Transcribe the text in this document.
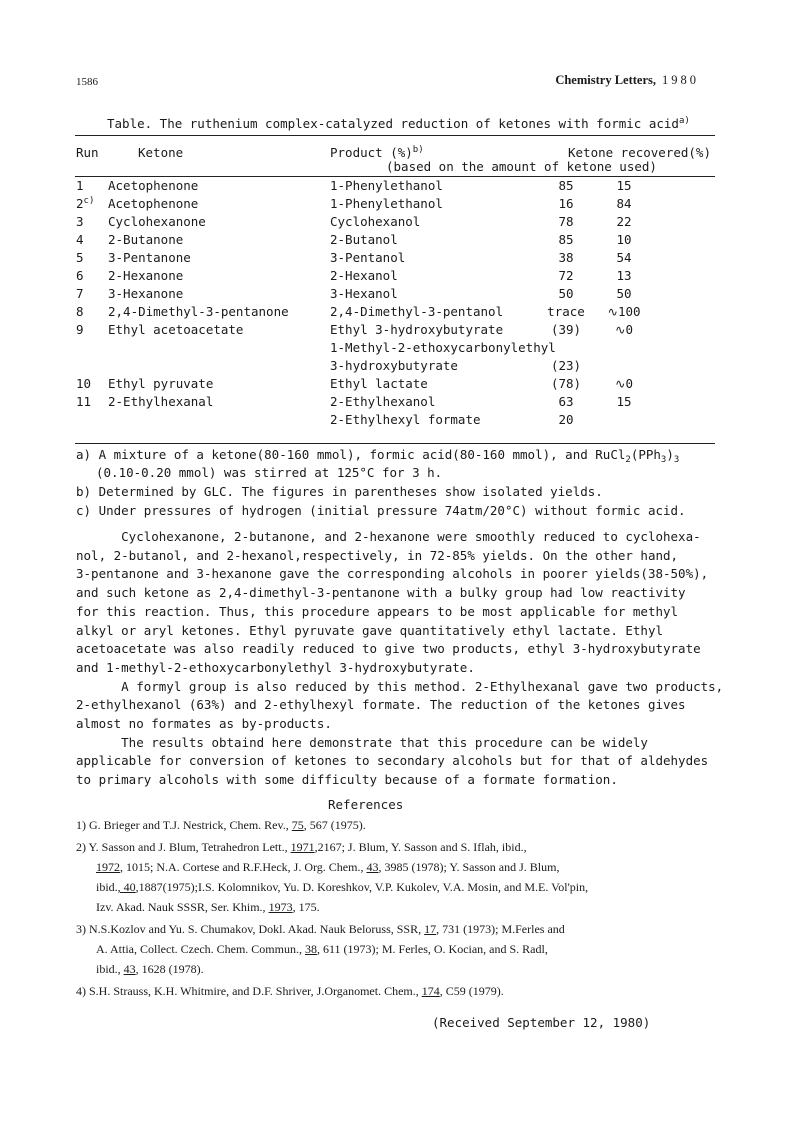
1586	Chemistry Letters, 1980
Table. The ruthenium complex-catalyzed reduction of ketones with formic acid$^{a)}$
Run	Ketone	Product (%)$^{b)}$	Ketone recovered(%)
(based on the amount of ketone used)
1 Acetophenone	1-Phenylethanol	85	15
2$^{c)}$ Acetophenone	1-Phenylethanol	16	84
3 Cyclohexanone	Cyclohexanol	78	22
4 2-Butanone	2-Butanol	85	10
5 3-Pentanone	3-Pentanol	38	54
6 2-Hexanone	2-Hexanol	72	13
7 3-Hexanone	3-Hexanol	50	50
8 2,4-Dimethyl-3-pentanone	2,4-Dimethyl-3-pentanol	trace ∿100
9 Ethyl acetoacetate	Ethyl 3-hydroxybutyrate	(39)	∿0
1-Methyl-2-ethoxycarbonylethyl
3-hydroxybutyrate	(23)
10 Ethyl pyruvate	Ethyl lactate	(78)	∿0
11 2-Ethylhexanal	2-Ethylhexanol	63	15
2-Ethylhexyl formate	20
a) A mixture of a ketone(80-160 mmol), formic acid(80-160 mmol), and $RuCl_2(PPh_3)_3$
(0.10-0.20 mmol) was stirred at 125°C for 3 h.
b) Determined by GLC. The figures in parentheses show isolated yields.
c) Under pressures of hydrogen (initial pressure 74atm/20°C) without formic acid.
Cyclohexanone, 2-butanone, and 2-hexanone were smoothly reduced to cyclohexa-
nol, 2-butanol, and 2-hexanol,respectively, in 72-85% yields. On the other hand,
3-pentanone and 3-hexanone gave the corresponding alcohols in poorer yields(38-50%),
and such ketone as 2,4-dimethyl-3-pentanone with a bulky group had low reactivity
for this reaction. Thus, this procedure appears to be most applicable for methyl
alkyl or aryl ketones. Ethyl pyruvate gave quantitatively ethyl lactate. Ethyl
acetoacetate was also readily reduced to give two products, ethyl 3-hydroxybutyrate
and 1-methyl-2-ethoxycarbonylethyl 3-hydroxybutyrate.
A formyl group is also reduced by this method. 2-Ethylhexanal gave two products,
2-ethylhexanol (63%) and 2-ethylhexyl formate. The reduction of the ketones gives
almost no formates as by-products.
The results obtaind here demonstrate that this procedure can be widely
applicable for conversion of ketones to secondary alcohols but for that of aldehydes
to primary alcohols with some difficulty because of a formate formation.
References
1) G. Brieger and T.J. Nestrick, Chem. Rev., 75, 567 (1975).
2) Y. Sasson and J. Blum, Tetrahedron Lett., 1971,2167; J. Blum, Y. Sasson and S. Iflah, ibid.,
1972, 1015; N.A. Cortese and R.F.Heck, J. Org. Chem., 43, 3985 (1978); Y. Sasson and J. Blum,
ibid., 40,1887(1975);I.S. Kolomnikov, Yu. D. Koreshkov, V.P. Kukolev, V.A. Mosin, and M.E. Vol'pin,
Izv. Akad. Nauk SSSR, Ser. Khim., 1973, 175.
3) N.S.Kozlov and Yu. S. Chumakov, Dokl. Akad. Nauk Beloruss, SSR, 17, 731 (1973); M.Ferles and
A. Attia, Collect. Czech. Chem. Commun., 38, 611 (1973); M. Ferles, O. Kocian, and S. Radl,
ibid., 43, 1628 (1978).
4) S.H. Strauss, K.H. Whitmire, and D.F. Shriver, J.Organomet. Chem., 174, C59 (1979).
(Received September 12, 1980)
